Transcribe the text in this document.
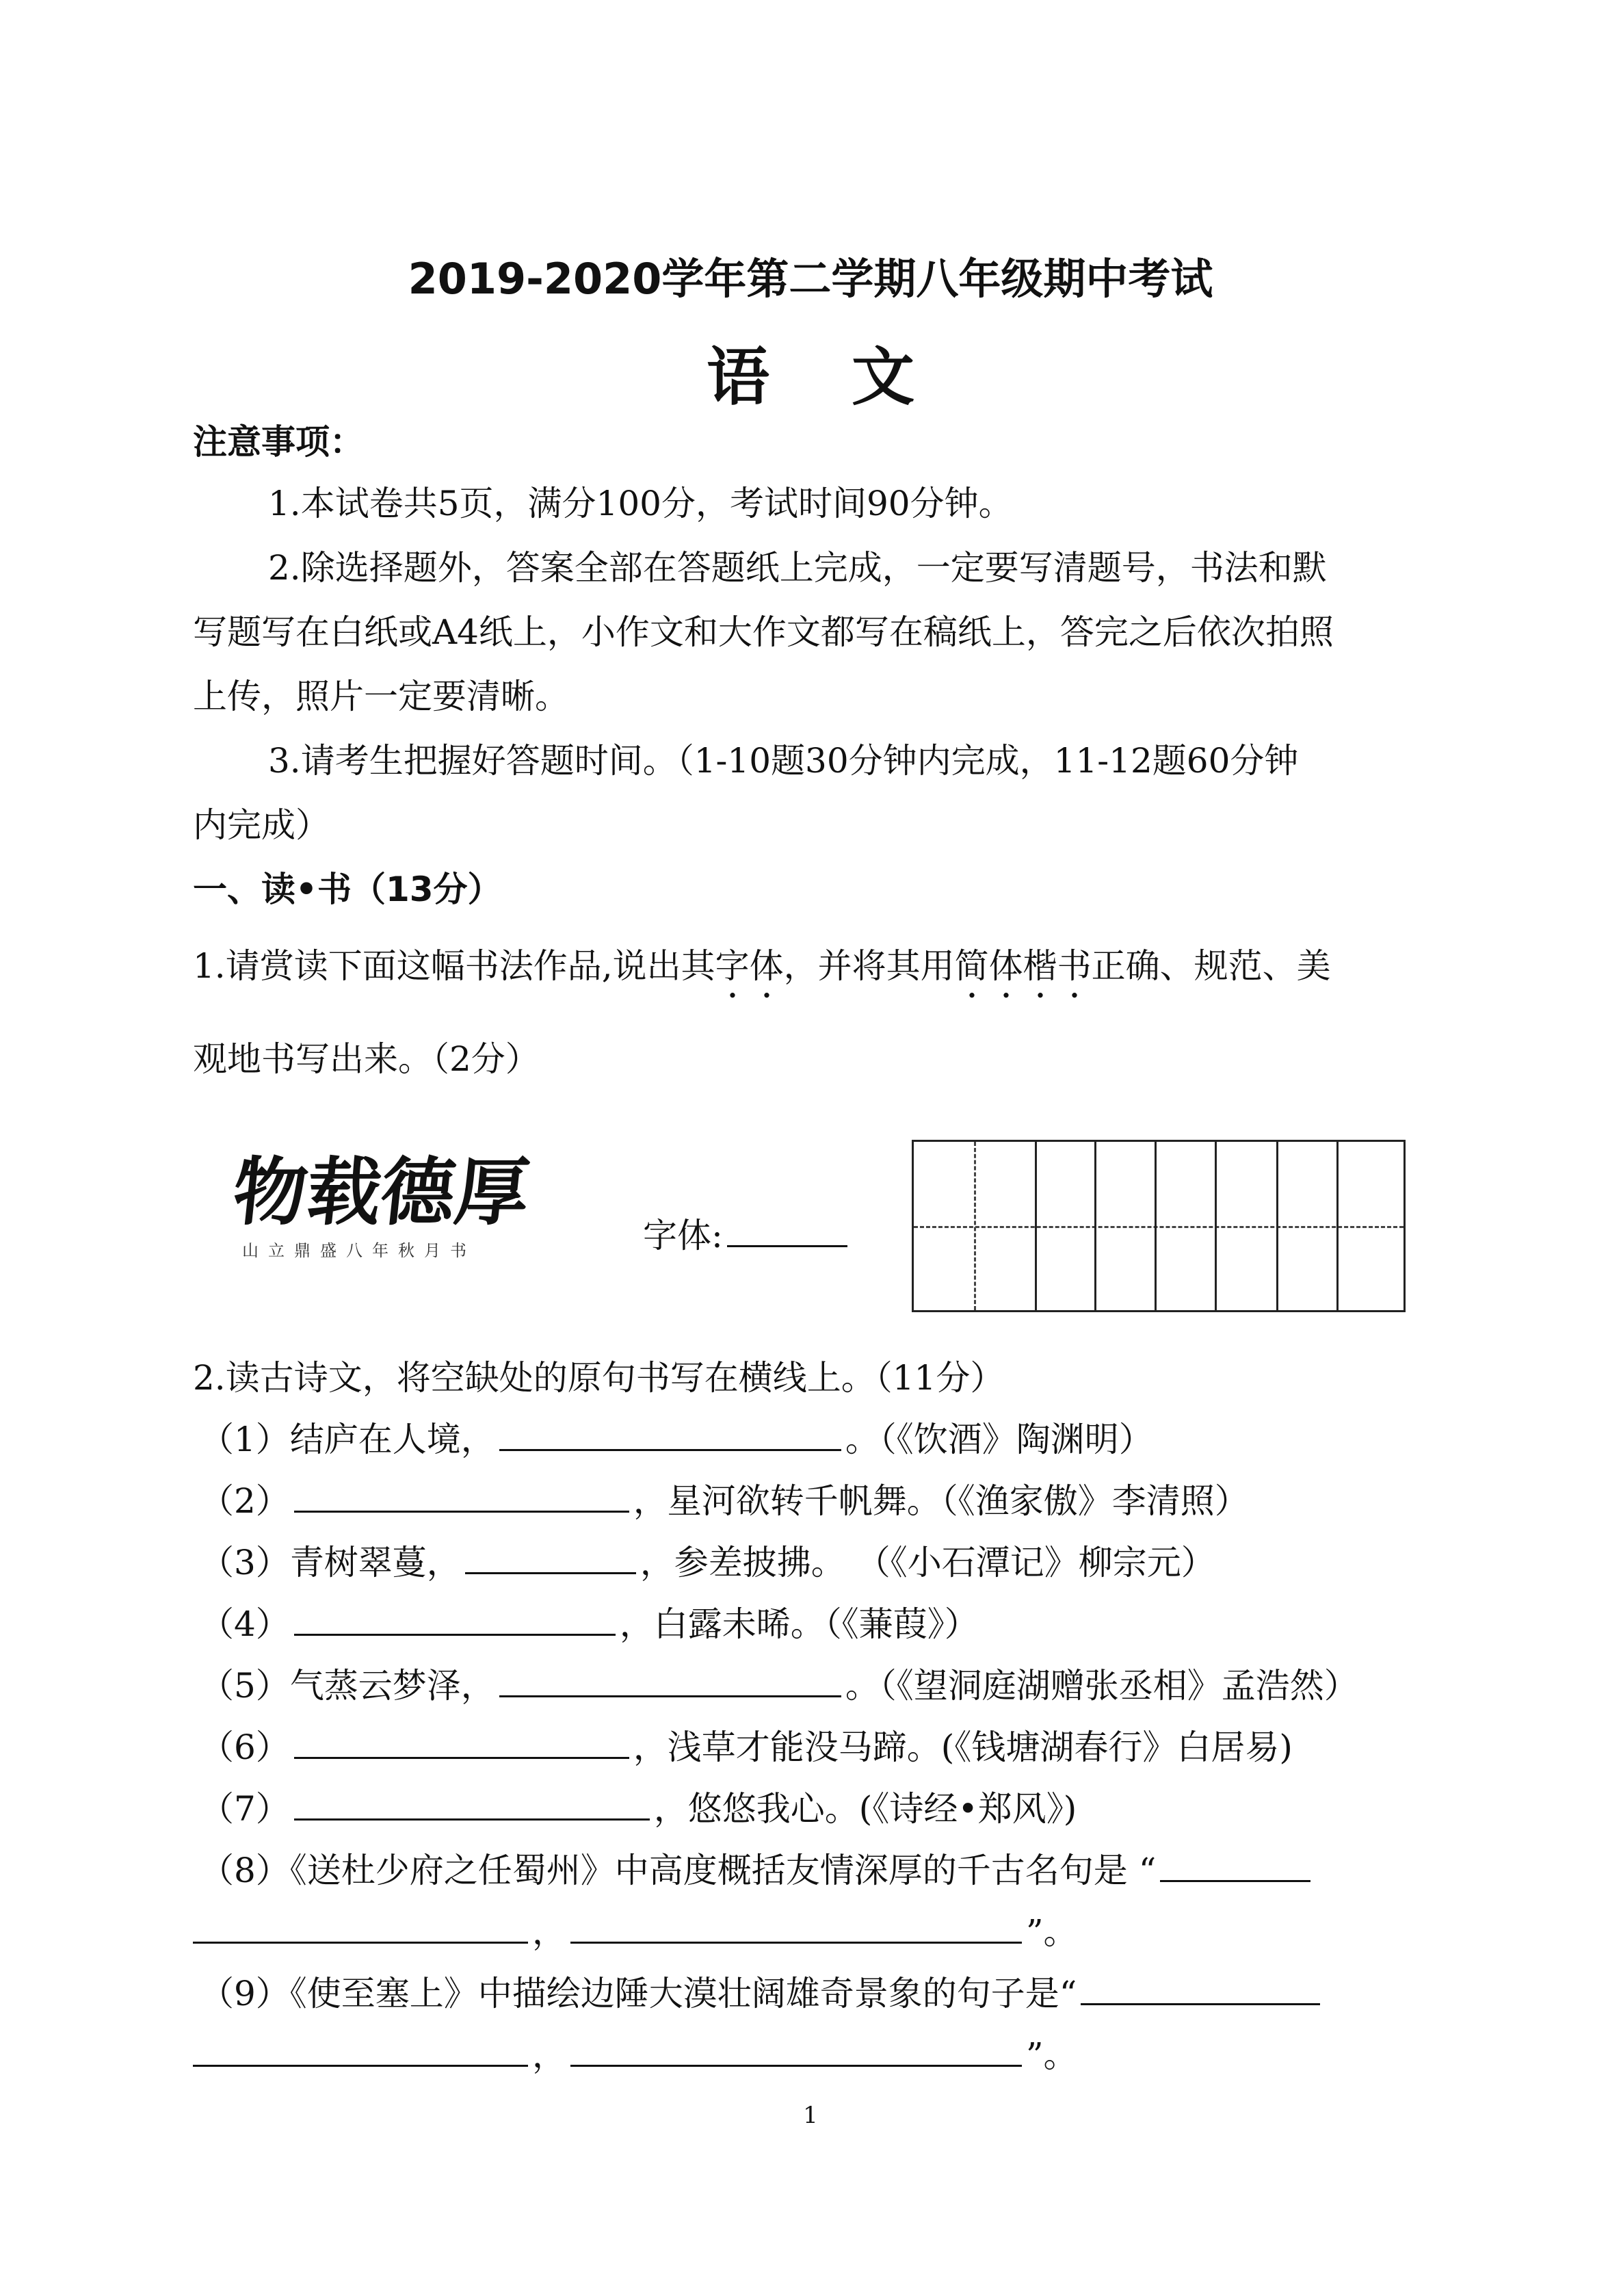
2019-2020学年第二学期八年级期中考试
语文
注意事项：
1.本试卷共5页，满分100分，考试时间90分钟。
2.除选择题外，答案全部在答题纸上完成，一定要写清题号，书法和默
写题写在白纸或A4纸上，小作文和大作文都写在稿纸上，答完之后依次拍照
上传，照片一定要清晰。
3.请考生把握好答题时间。（1-10题30分钟内完成，11-12题60分钟
内完成）
一、读•书（13分）
1.请赏读下面这幅书法作品,说出其字体，并将其用简体楷书正确、规范、美
观地书写出来。（2分）
物载德厚
山立鼎盛八年秋月书	字体:
2.读古诗文，将空缺处的原句书写在横线上。（11分）
（1）结庐在人境，	。（《饮酒》陶渊明）
（2）	，星河欲转千帆舞。（《渔家傲》李清照）
（3）青树翠蔓，	，参差披拂。 （《小石潭记》柳宗元）
（4）	，白露未晞。（《蒹葭》）
（5）气蒸云梦泽，	。（《望洞庭湖赠张丞相》孟浩然）
（6）	，浅草才能没马蹄。(《钱塘湖春行》白居易)
（7）	，悠悠我心。(《诗经•郑风》)
（8）《送杜少府之任蜀州》中高度概括友情深厚的千古名句是 “
，	”。
（9）《使至塞上》中描绘边陲大漠壮阔雄奇景象的句子是“
，	”。
1
